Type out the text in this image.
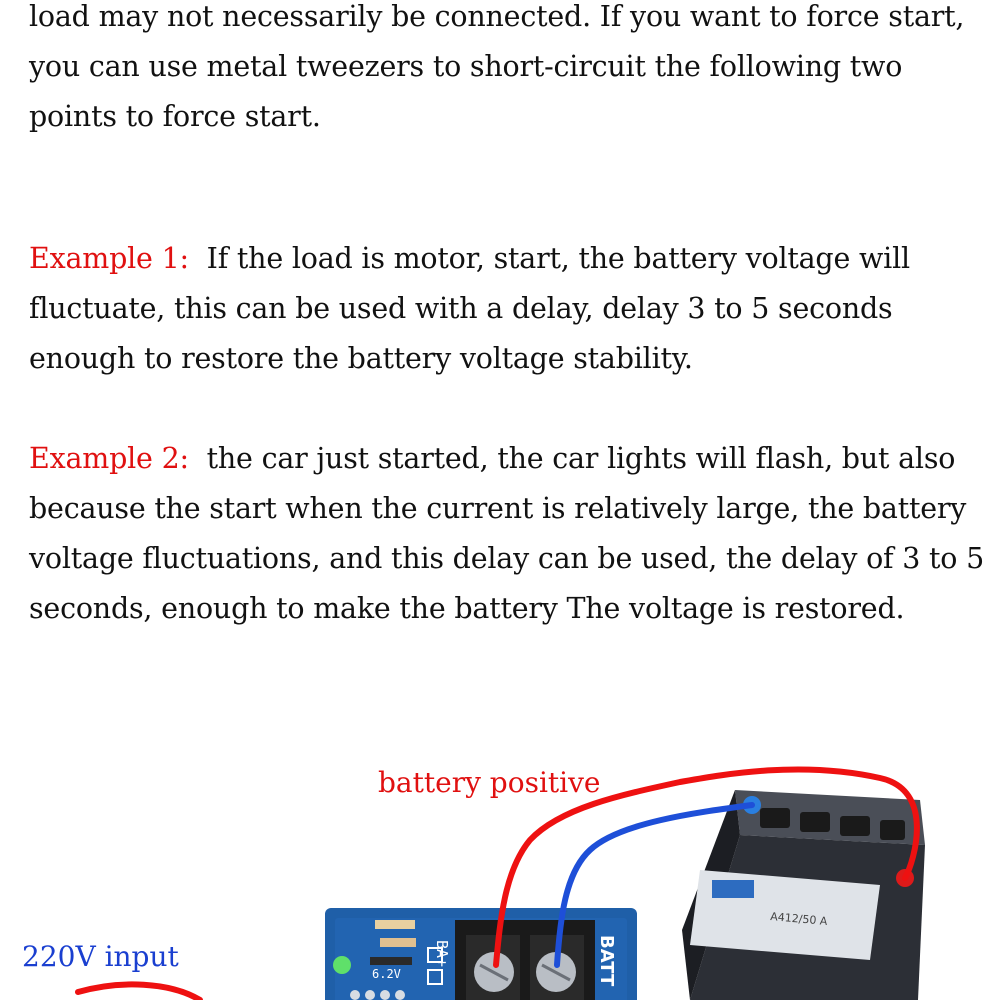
load may not necessarily be connected. If you want to force start, you can use metal tweezers to short-circuit the following two points to force start.

Example 1: If the load is motor, start, the battery voltage will fluctuate, this can be used with a delay, delay 3 to 5 seconds enough to restore the battery voltage stability.

Example 2: the car just started, the car lights will flash, but also because the start when the current is relatively large, the battery voltage fluctuations, and this delay can be used, the delay of 3 to 5 seconds, enough to make the battery The voltage is restored.

A412/50 A
BA+	BATT
6.2V
battery positive
220V input
